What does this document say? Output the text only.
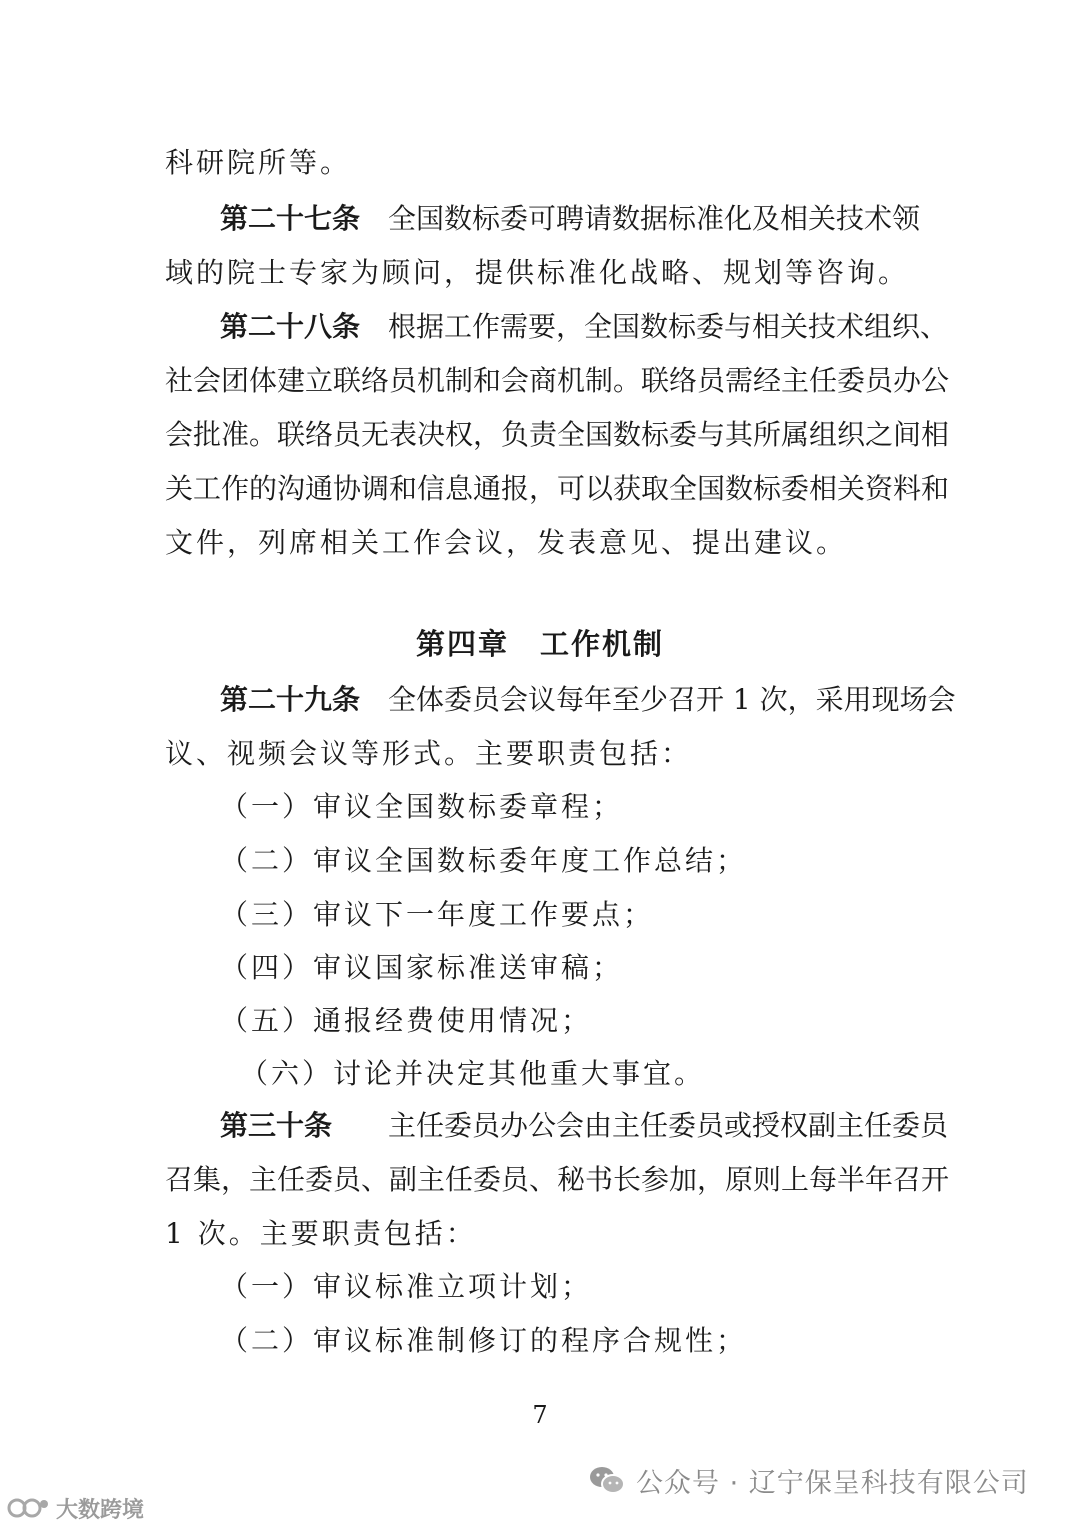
科研院所等。
第二十七条　 全国数标委可聘请数据标准化及相关技术领
域的院士专家为顾问，提供标准化战略、规划等咨询。
第二十八条　 根据工作需要，全国数标委与相关技术组织、
社会团体建立联络员机制和会商机制。联络员需经主任委员办公
会批准。联络员无表决权，负责全国数标委与其所属组织之间相
关工作的沟通协调和信息通报，可以获取全国数标委相关资料和
文件，列席相关工作会议，发表意见、提出建议。
第四章　工作机制
第二十九条　 全体委员会议每年至少召开 1 次，采用现场会
议、视频会议等形式。主要职责包括：
（一）审议全国数标委章程；
（二）审议全国数标委年度工作总结；
（三）审议下一年度工作要点；
（四）审议国家标准送审稿；
（五）通报经费使用情况；
（六）讨论并决定其他重大事宜。
第三十条　　 主任委员办公会由主任委员或授权副主任委员
召集，主任委员、副主任委员、秘书长参加，原则上每半年召开
1 次。主要职责包括：
（一）审议标准立项计划；
（二）审议标准制修订的程序合规性；
7
公众号 · 辽宁保呈科技有限公司
大数跨境
